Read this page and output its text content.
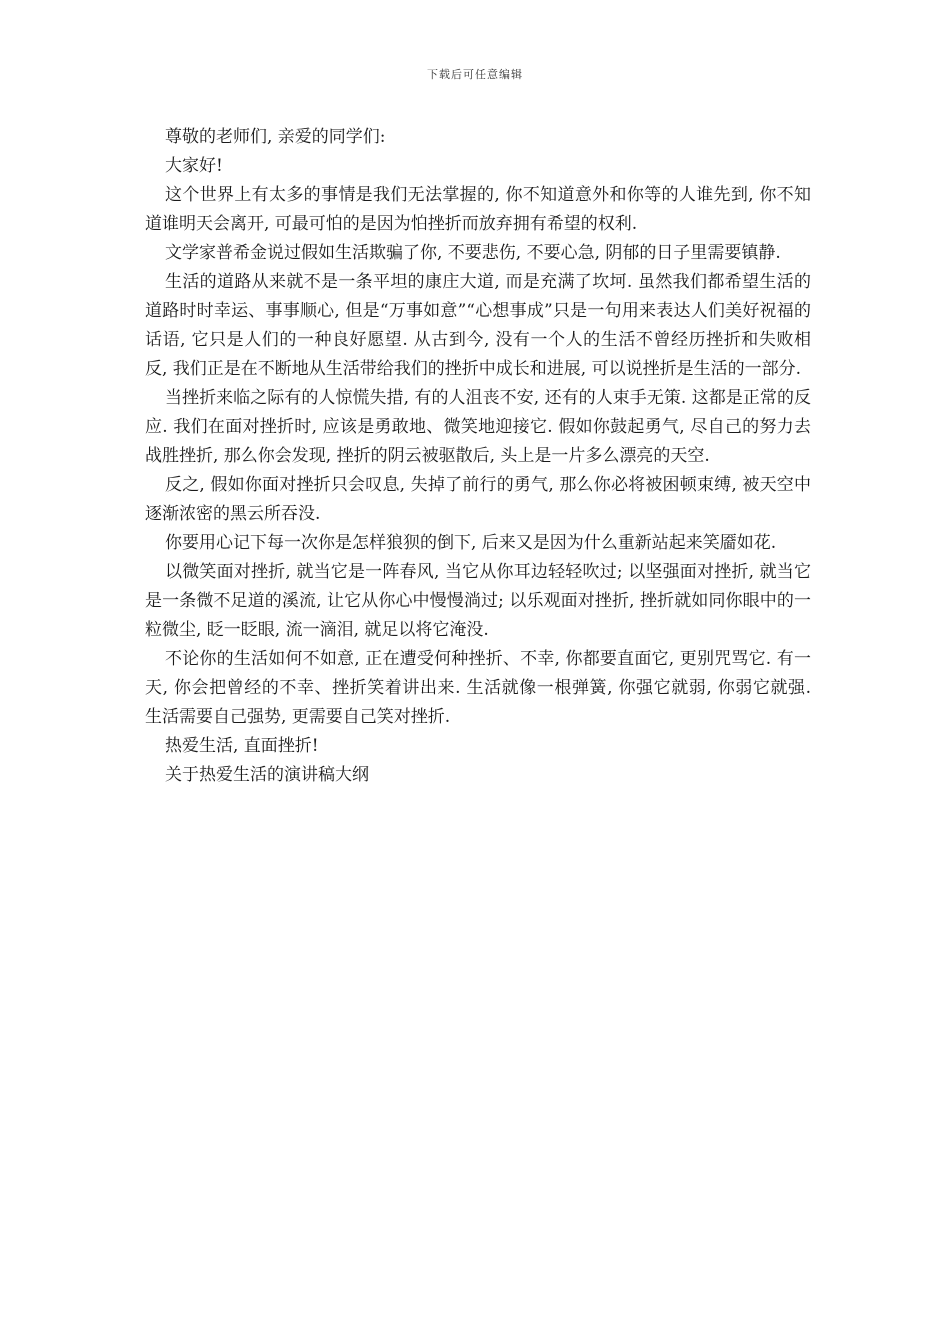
下载后可任意编辑

尊敬的老师们, 亲爱的同学们:

大家好!

这个世界上有太多的事情是我们无法掌握的, 你不知道意外和你等的人谁先到, 你不知道谁明天会离开, 可最可怕的是因为怕挫折而放弃拥有希望的权利.

文学家普希金说过假如生活欺骗了你, 不要悲伤, 不要心急, 阴郁的日子里需要镇静.

生活的道路从来就不是一条平坦的康庄大道, 而是充满了坎坷. 虽然我们都希望生活的道路时时幸运、事事顺心, 但是“万事如意”“心想事成”只是一句用来表达人们美好祝福的话语, 它只是人们的一种良好愿望. 从古到今, 没有一个人的生活不曾经历挫折和失败相反, 我们正是在不断地从生活带给我们的挫折中成长和进展, 可以说挫折是生活的一部分.

当挫折来临之际有的人惊慌失措, 有的人沮丧不安, 还有的人束手无策. 这都是正常的反应. 我们在面对挫折时, 应该是勇敢地、微笑地迎接它. 假如你鼓起勇气, 尽自己的努力去战胜挫折, 那么你会发现, 挫折的阴云被驱散后, 头上是一片多么漂亮的天空.

反之, 假如你面对挫折只会叹息, 失掉了前行的勇气, 那么你必将被困顿束缚, 被天空中逐渐浓密的黑云所吞没.

你要用心记下每一次你是怎样狼狈的倒下, 后来又是因为什么重新站起来笑靥如花.

以微笑面对挫折, 就当它是一阵春风, 当它从你耳边轻轻吹过; 以坚强面对挫折, 就当它是一条微不足道的溪流, 让它从你心中慢慢淌过; 以乐观面对挫折, 挫折就如同你眼中的一粒微尘, 眨一眨眼, 流一滴泪, 就足以将它淹没.

不论你的生活如何不如意, 正在遭受何种挫折、不幸, 你都要直面它, 更别咒骂它. 有一天, 你会把曾经的不幸、挫折笑着讲出来. 生活就像一根弹簧, 你强它就弱, 你弱它就强. 生活需要自己强势, 更需要自己笑对挫折.

热爱生活, 直面挫折!

关于热爱生活的演讲稿大纲
